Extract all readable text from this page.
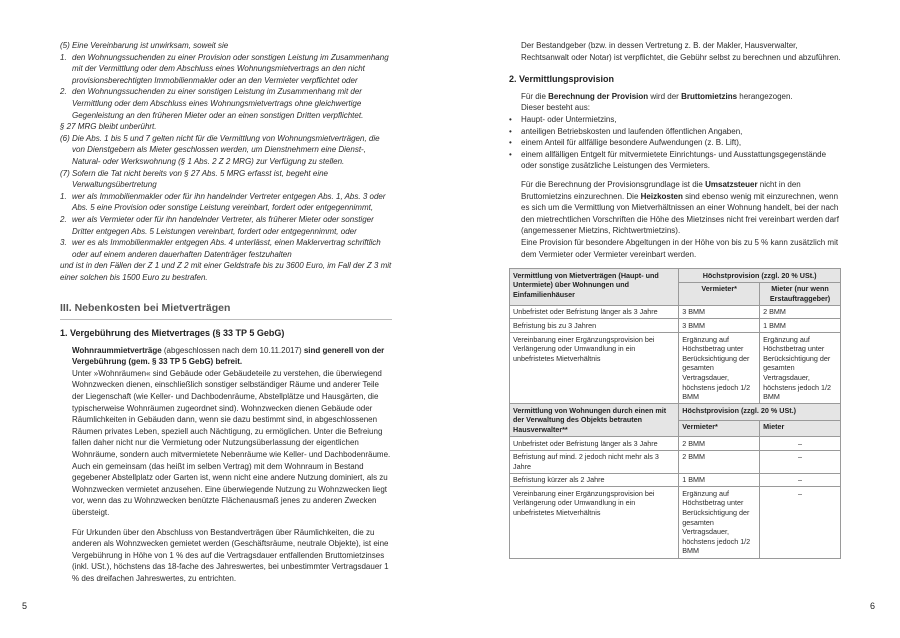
(5) Eine Vereinbarung ist unwirksam, soweit sie
1. den Wohnungssuchenden zu einer Provision oder sonstigen Leistung im Zusammenhang mit der Vermittlung oder dem Abschluss eines Wohnungsmietvertrags an den nicht provisionsberechtigten Immobilienmakler oder an den Vermieter verpflichtet oder
2. den Wohnungssuchenden zu einer sonstigen Leistung im Zusammenhang mit der Vermittlung oder dem Abschluss eines Wohnungsmietvertrags ohne gleichwertige Gegenleistung an den früheren Mieter oder an einen sonstigen Dritten verpflichtet.
§ 27 MRG bleibt unberührt.
(6) Die Abs. 1 bis 5 und 7 gelten nicht für die Vermittlung von Wohnungsmietverträgen, die von Dienstgebern als Mieter geschlossen werden, um Dienstnehmern eine Dienst-, Natural- oder Werkswohnung (§ 1 Abs. 2 Z 2 MRG) zur Verfügung zu stellen.
(7) Sofern die Tat nicht bereits von § 27 Abs. 5 MRG erfasst ist, begeht eine Verwaltungsübertretung
1. wer als Immobilienmakler oder für ihn handelnder Vertreter entgegen Abs. 1, Abs. 3 oder Abs. 5 eine Provision oder sonstige Leistung vereinbart, fordert oder entgegennimmt,
2. wer als Vermieter oder für ihn handelnder Vertreter, als früherer Mieter oder sonstiger Dritter entgegen Abs. 5 Leistungen vereinbart, fordert oder entgegennimmt, oder
3. wer es als Immobilienmakler entgegen Abs. 4 unterlässt, einen Maklervertrag schriftlich oder auf einem anderen dauerhaften Datenträger festzuhalten
und ist in den Fällen der Z 1 und Z 2 mit einer Geldstrafe bis zu 3600 Euro, im Fall der Z 3 mit einer solchen bis 1500 Euro zu bestrafen.
III. Nebenkosten bei Mietverträgen
1. Vergebührung des Mietvertrages (§ 33 TP 5 GebG)

Wohnraummietverträge (abgeschlossen nach dem 10.11.2017) sind generell von der Vergebührung (gem. § 33 TP 5 GebG) befreit.

Unter »Wohnräumen« sind Gebäude oder Gebäudeteile zu verstehen, die überwiegend Wohnzwecken dienen, einschließlich sonstiger selbständiger Räume und anderer Teile der Liegenschaft (wie Keller- und Dachbodenräume, Abstellplätze und Hausgärten, die typischerweise Wohnräumen zugeordnet sind). Wohnzwecken dienen Gebäude oder Räumlichkeiten in Gebäuden dann, wenn sie dazu bestimmt sind, in abgeschlossenen Räumen privates Leben, speziell auch Nächtigung, zu ermöglichen. Unter die Befreiung fallen daher nicht nur die Vermietung oder Nutzungsüberlassung der eigentlichen Wohnräume, sondern auch mitvermietete Nebenräume wie Keller- und Dachbodenräume. Auch ein gemeinsam (das heißt im selben Vertrag) mit dem Wohnraum in Bestand gegebener Abstellplatz oder Garten ist, wenn nicht eine andere Nutzung dominiert, als zu Wohnzwecken vermietet anzusehen. Eine überwiegende Nutzung zu Wohnzwecken liegt vor, wenn das zu Wohnzwecken benützte Flächenausmaß jenes zu anderen Zwecken übersteigt.

Für Urkunden über den Abschluss von Bestandverträgen über Räumlichkeiten, die zu anderen als Wohnzwecken gemietet werden (Geschäftsräume, neutrale Objekte), ist eine Vergebührung in Höhe von 1 % des auf die Vertragsdauer entfallenden Bruttomietzinses (inkl. USt.), höchstens das 18-fache des Jahreswertes, bei unbestimmter Vertragsdauer 1 % des dreifachen Jahreswertes, zu entrichten.

5

Der Bestandgeber (bzw. in dessen Vertretung z. B. der Makler, Hausverwalter, Rechtsanwalt oder Notar) ist verpflichtet, die Gebühr selbst zu berechnen und abzuführen.

2. Vermittlungsprovision

Für die Berechnung der Provision wird der Bruttomietzins herangezogen.

Dieser besteht aus:

•	Haupt- oder Untermietzins,
•	anteiligen Betriebskosten und laufenden öffentlichen Angaben,
•	einem Anteil für allfällige besondere Aufwendungen (z. B. Lift),
•	einem allfälligen Entgelt für mitvermietete Einrichtungs- und Ausstattungsgegenstände oder sonstige zusätzliche Leistungen des Vermieters.

Für die Berechnung der Provisionsgrundlage ist die Umsatzsteuer nicht in den Bruttomietzins einzurechnen. Die Heizkosten sind ebenso wenig mit einzurechnen, wenn es sich um die Vermittlung von Mietverhältnissen an einer Wohnung handelt, bei der nach den mietrechtlichen Vorschriften die Höhe des Mietzinses nicht frei vereinbart werden darf (angemessener Mietzins, Richtwertmietzins).

Eine Provision für besondere Abgeltungen in der Höhe von bis zu 5 % kann zusätzlich mit dem Vermieter oder Vermieter vereinbart werden.

Vermittlung von Mietverträgen (Haupt- und Untermiete) über Wohnungen und Einfamilienhäuser	Höchstprovision (zzgl. 20 % USt.)	
	Vermieter*	Mieter (nur wenn Erstauftraggeber)
Unbefristet oder Befristung länger als 3 Jahre	3 BMM	2 BMM
Befristung bis zu 3 Jahren	3 BMM	1 BMM
Vereinbarung einer Ergänzungsprovision bei Verlängerung oder Umwandlung in ein unbefristetes Mietverhältnis	Ergänzung auf Höchstbetrag unter Berücksichtigung der gesamten Vertragsdauer, höchstens jedoch 1/2 BMM	Ergänzung auf Höchstbetrag unter Berücksichtigung der gesamten Vertragsdauer, höchstens jedoch 1/2 BMM
Vermittlung von Wohnungen durch einen mit der Verwaltung des Objekts betrauten Hausverwalter**	Höchstprovision (zzgl. 20 % USt.)	
	Vermieter*	Mieter
Unbefristet oder Befristung länger als 3 Jahre	2 BMM	–
Befristung auf mind. 2 jedoch nicht mehr als 3 Jahre	2 BMM	–
Befristung kürzer als 2 Jahre	1 BMM	–
Vereinbarung einer Ergänzungsprovision bei Verlängerung oder Umwandlung in ein unbefristetes Mietverhältnis	Ergänzung auf Höchstbetrag unter Berücksichtigung der gesamten Vertragsdauer, höchstens jedoch 1/2 BMM	–
6
